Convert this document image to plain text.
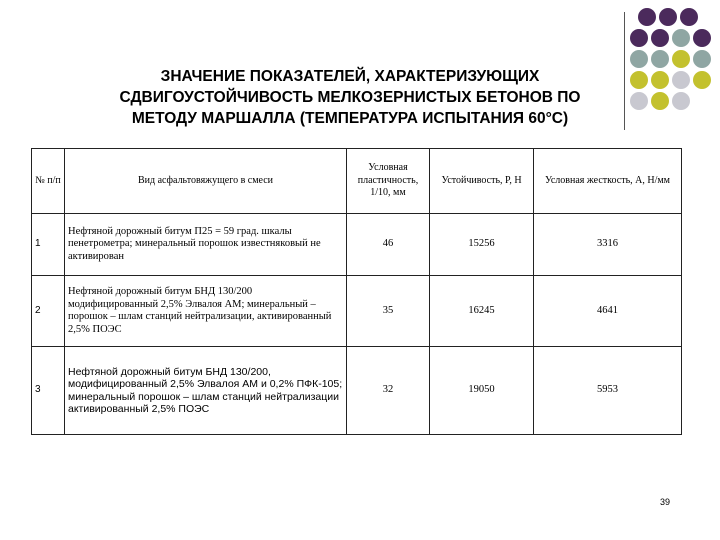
ЗНАЧЕНИЕ ПОКАЗАТЕЛЕЙ, ХАРАКТЕРИЗУЮЩИХ
СДВИГОУСТОЙЧИВОСТЬ МЕЛКОЗЕРНИСТЫХ БЕТОНОВ ПО
МЕТОДУ МАРШАЛЛА (ТЕМПЕРАТУРА ИСПЫТАНИЯ 60°С)
№ п/п	Вид асфальтовяжущего в смеси	Условная пластичность, 1/10, мм	Устойчивость, Р, Н	Условная жесткость, А, Н/мм
1	Нефтяной дорожный битум П25 = 59 град. шкалы пенетрометра; минеральный порошок известняковый не активирован	46	15256	3316
2	Нефтяной дорожный битум БНД 130/200 модифицированный 2,5% Элвалоя АМ; минеральный – порошок – шлам станций нейтрализации, активированный 2,5% ПОЭС	35	16245	4641
3	Нефтяной дорожный битум БНД 130/200, модифицированный 2,5% Элвалоя АМ и 0,2% ПФК-105; минеральный порошок – шлам станций нейтрализации активированный 2,5% ПОЭС	32	19050	5953
39
